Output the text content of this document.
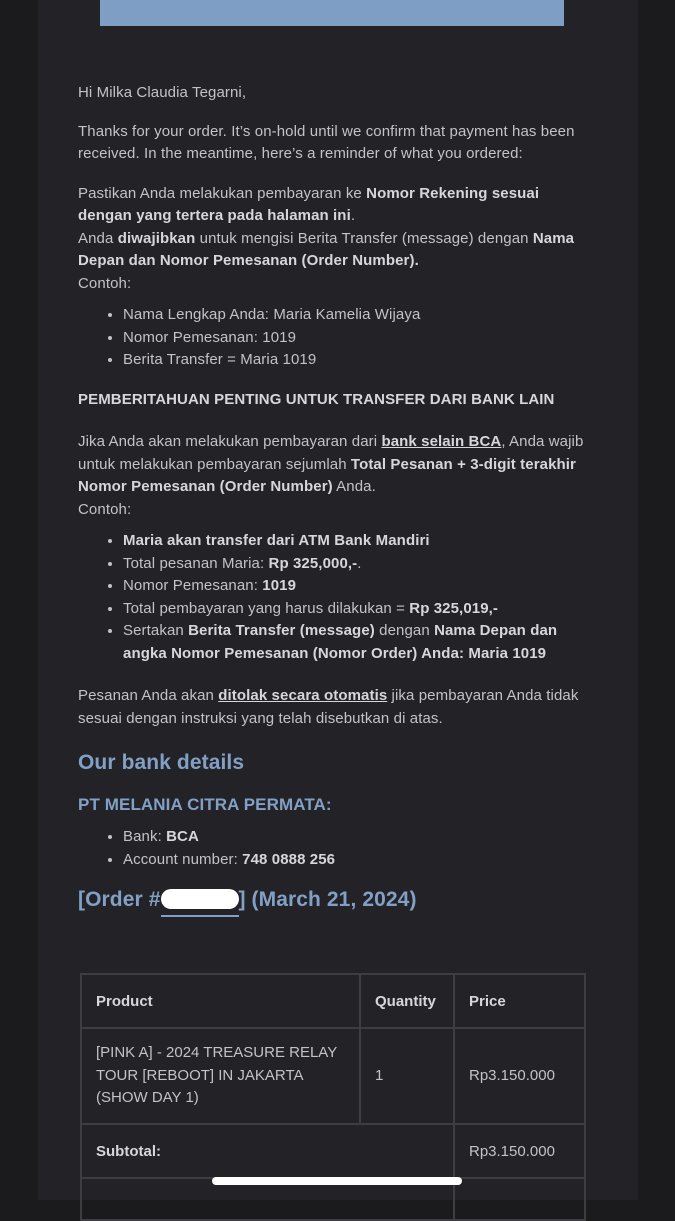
Hi Milka Claudia Tegarni,

Thanks for your order. It’s on-hold until we confirm that payment has been received. In the meantime, here’s a reminder of what you ordered:

Pastikan Anda melakukan pembayaran ke Nomor Rekening sesuai dengan yang tertera pada halaman ini.

Anda diwajibkan untuk mengisi Berita Transfer (message) dengan Nama Depan dan Nomor Pemesanan (Order Number).

Contoh:

• Nama Lengkap Anda: Maria Kamelia Wijaya
• Nomor Pemesanan: 1019
• Berita Transfer = Maria 1019

PEMBERITAHUAN PENTING UNTUK TRANSFER DARI BANK LAIN

Jika Anda akan melakukan pembayaran dari bank selain BCA, Anda wajib untuk melakukan pembayaran sejumlah Total Pesanan + 3-digit terakhir Nomor Pemesanan (Order Number) Anda.

Contoh:

• Maria akan transfer dari ATM Bank Mandiri
• Total pesanan Maria: Rp 325,000,-.
• Nomor Pemesanan: 1019
• Total pembayaran yang harus dilakukan = Rp 325,019,-
• Sertakan Berita Transfer (message) dengan Nama Depan dan angka Nomor Pemesanan (Nomor Order) Anda: Maria 1019

Pesanan Anda akan ditolak secara otomatis jika pembayaran Anda tidak sesuai dengan instruksi yang telah disebutkan di atas.

Our bank details

PT MELANIA CITRA PERMATA:

• Bank: BCA
• Account number: 748 0888 256

[Order #	] (March 21, 2024)

Product	Quantity	Price
[PINK A] - 2024 TREASURE RELAY TOUR [REBOOT] IN JAKARTA (SHOW DAY 1)	1	Rp3.150.000
Subtotal:		Rp3.150.000
